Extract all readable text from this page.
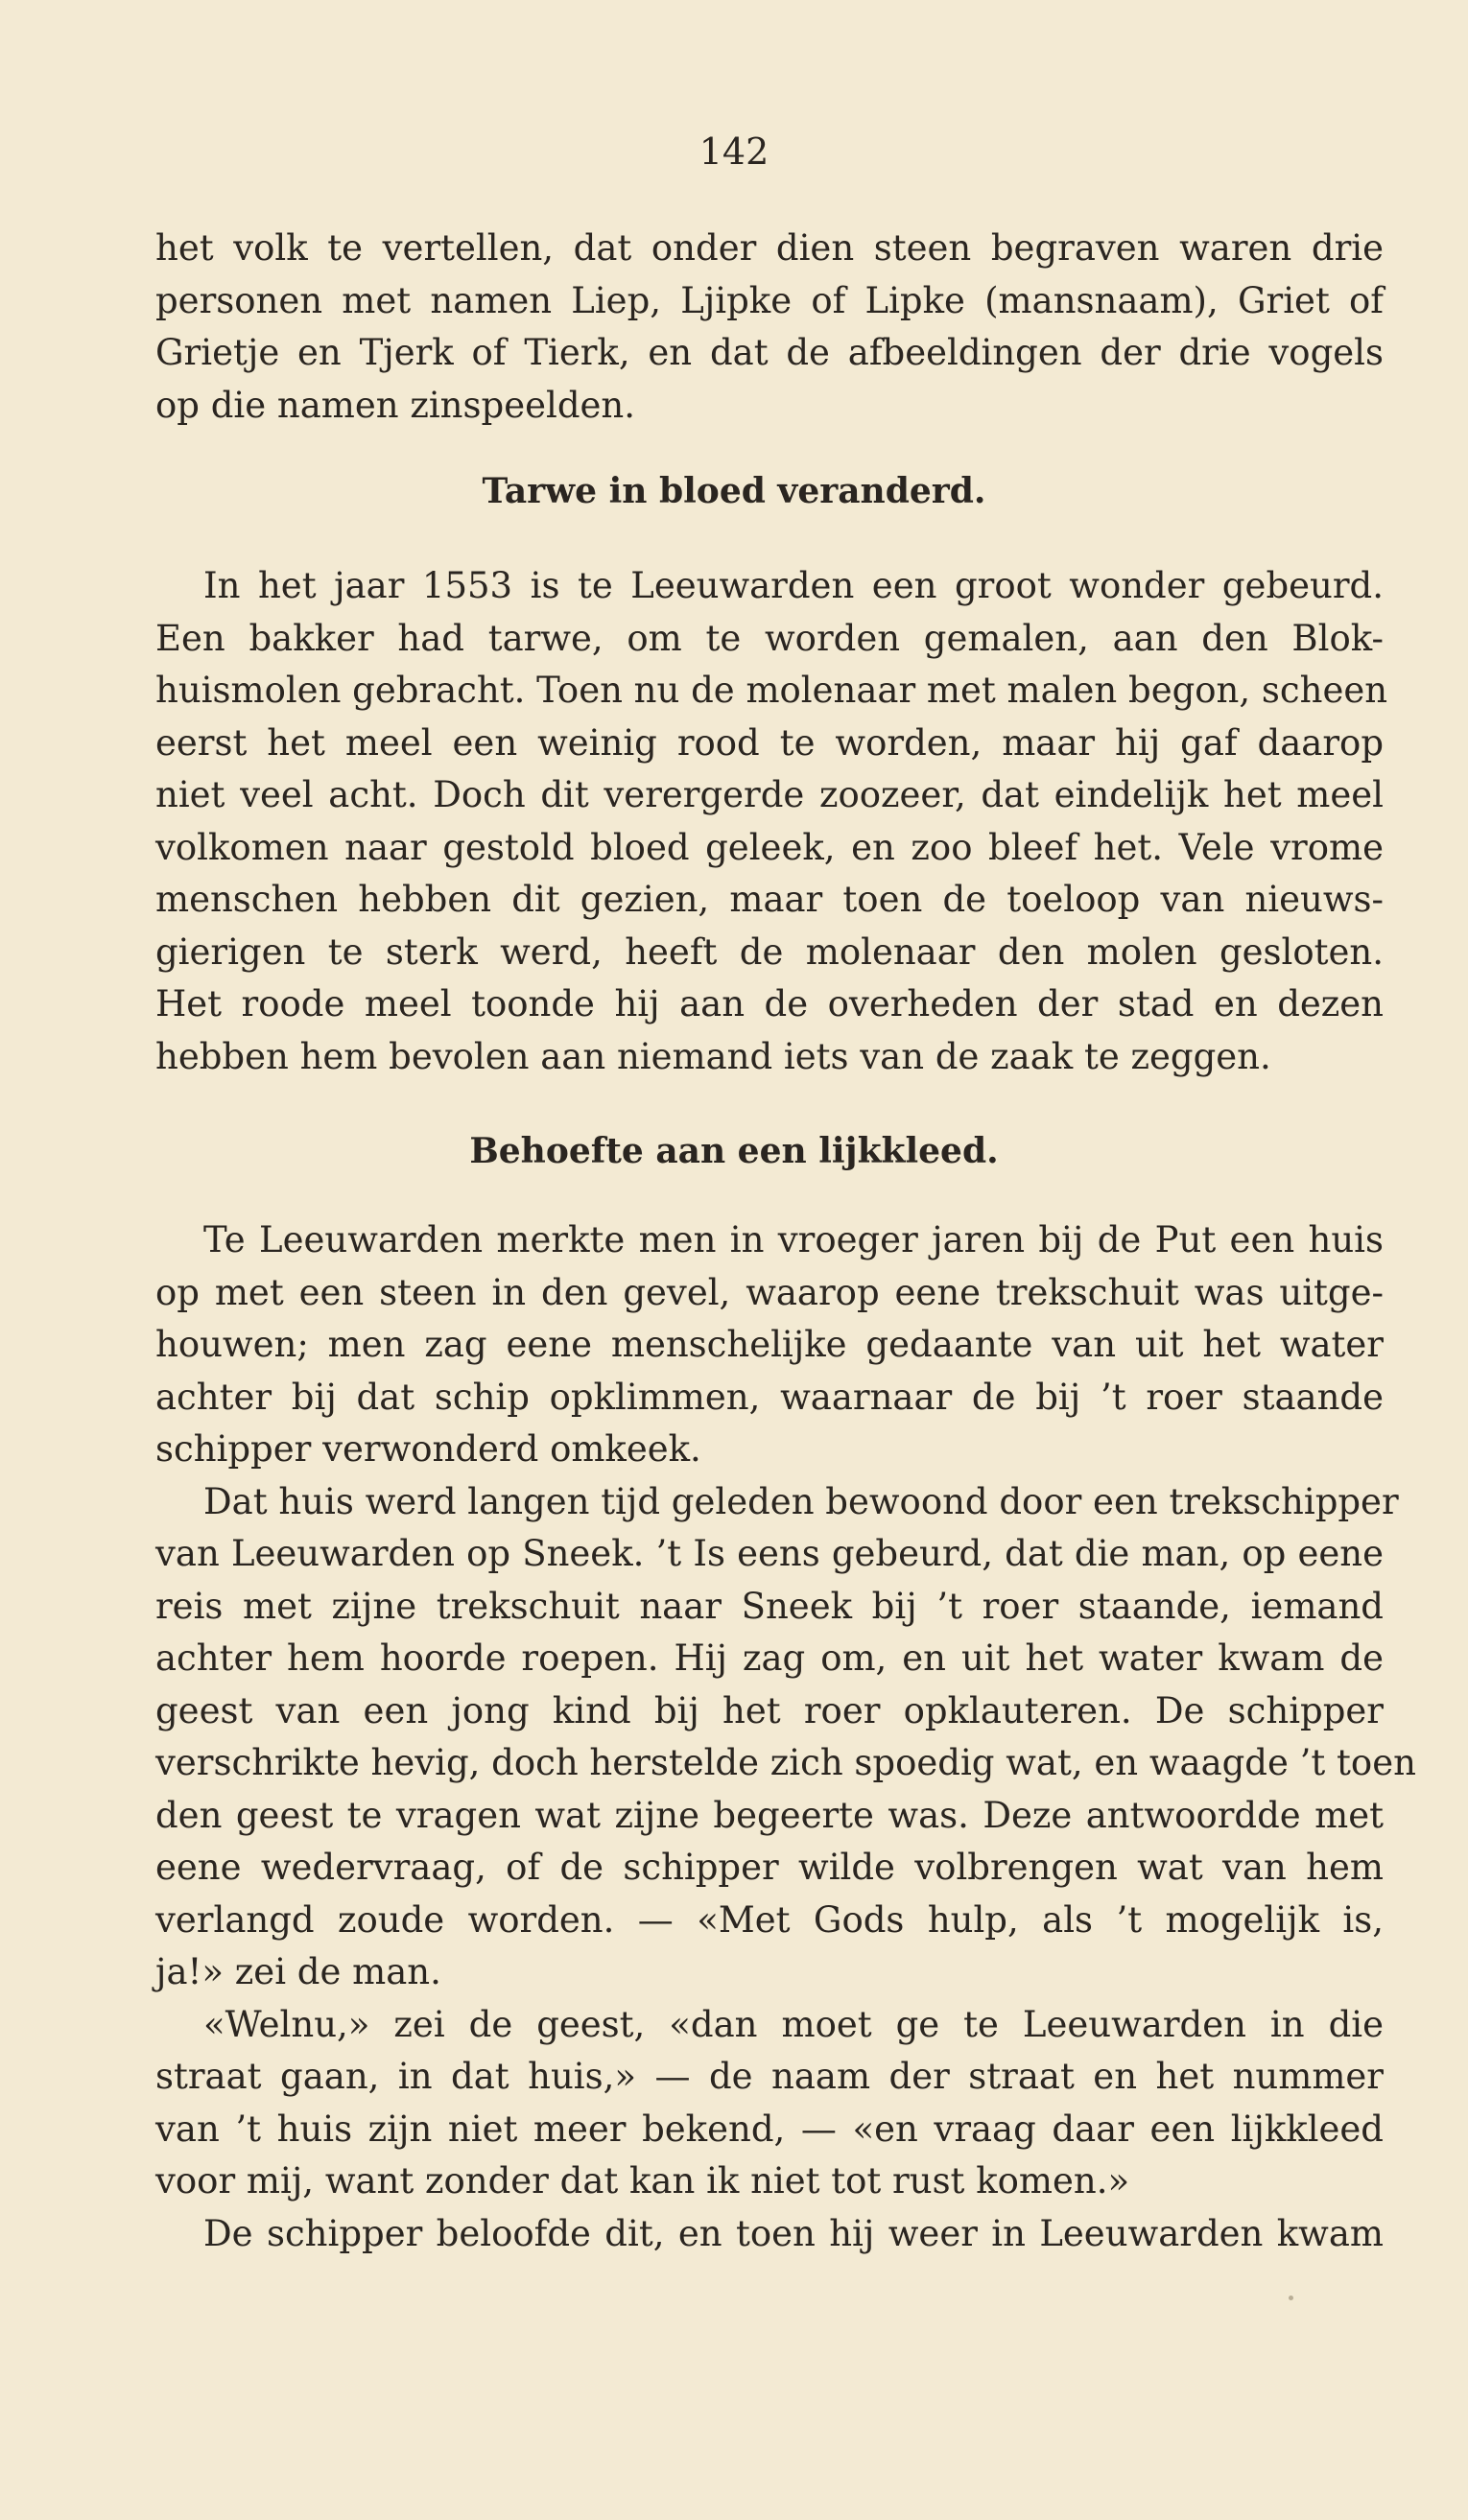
142
het volk te vertellen, dat onder dien steen begraven waren drie
personen met namen Liep, Ljipke of Lipke (mansnaam), Griet of
Grietje en Tjerk of Tierk, en dat de afbeeldingen der drie vogels
op die namen zinspeelden.
Tarwe in bloed veranderd.
In het jaar 1553 is te Leeuwarden een groot wonder gebeurd.
Een bakker had tarwe, om te worden gemalen, aan den Blok-
huismolen gebracht. Toen nu de molenaar met malen begon, scheen
eerst het meel een weinig rood te worden, maar hij gaf daarop
niet veel acht. Doch dit verergerde zoozeer, dat eindelijk het meel
volkomen naar gestold bloed geleek, en zoo bleef het. Vele vrome
menschen hebben dit gezien, maar toen de toeloop van nieuws-
gierigen te sterk werd, heeft de molenaar den molen gesloten.
Het roode meel toonde hij aan de overheden der stad en dezen
hebben hem bevolen aan niemand iets van de zaak te zeggen.
Behoefte aan een lijkkleed.
Te Leeuwarden merkte men in vroeger jaren bij de Put een huis
op met een steen in den gevel, waarop eene trekschuit was uitge-
houwen; men zag eene menschelijke gedaante van uit het water
achter bij dat schip opklimmen, waarnaar de bij ’t roer staande
schipper verwonderd omkeek.
Dat huis werd langen tijd geleden bewoond door een trekschipper
van Leeuwarden op Sneek. ’t Is eens gebeurd, dat die man, op eene
reis met zijne trekschuit naar Sneek bij ’t roer staande, iemand
achter hem hoorde roepen. Hij zag om, en uit het water kwam de
geest van een jong kind bij het roer opklauteren. De schipper
verschrikte hevig, doch herstelde zich spoedig wat, en waagde ’t toen
den geest te vragen wat zijne begeerte was. Deze antwoordde met
eene wedervraag, of de schipper wilde volbrengen wat van hem
verlangd zoude worden. — «Met Gods hulp, als ’t mogelijk is,
ja!» zei de man.
«Welnu,» zei de geest, «dan moet ge te Leeuwarden in die
straat gaan, in dat huis,» — de naam der straat en het nummer
van ’t huis zijn niet meer bekend, — «en vraag daar een lijkkleed
voor mij, want zonder dat kan ik niet tot rust komen.»
De schipper beloofde dit, en toen hij weer in Leeuwarden kwam
